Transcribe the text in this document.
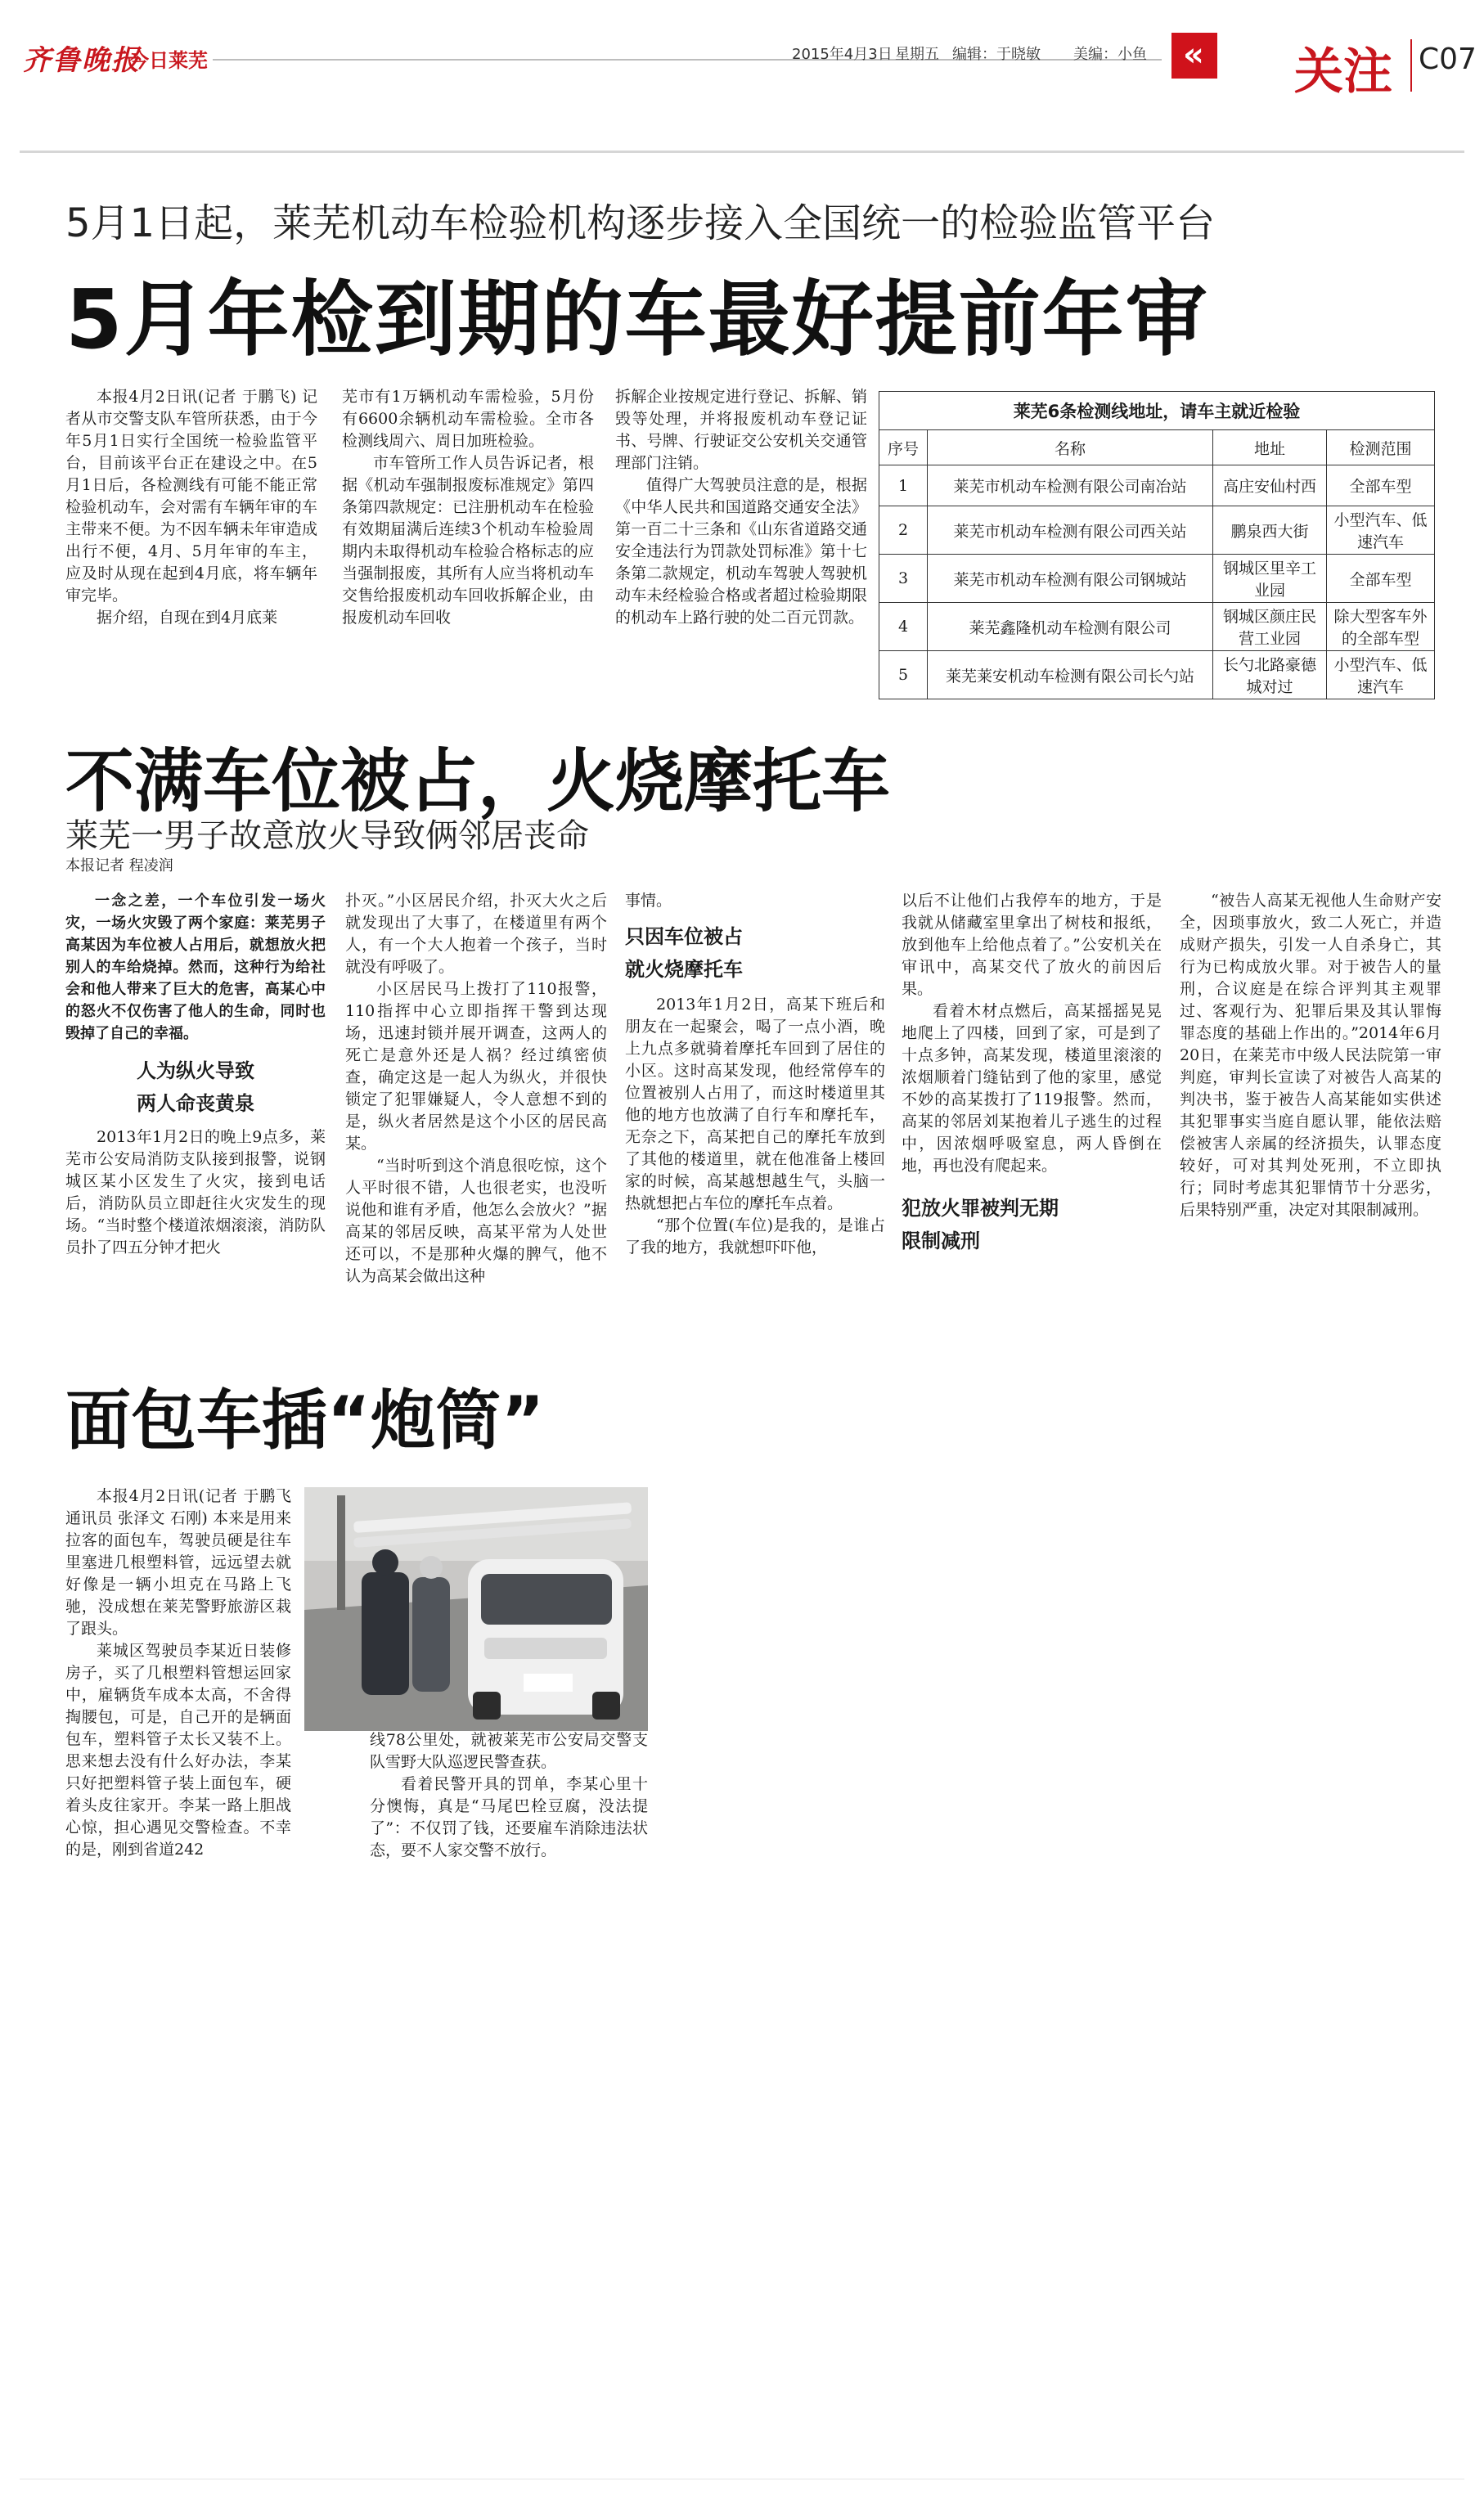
齐鲁晚报
今日莱芜	2015年4月3日 星期五 编辑：于晓敏 美编：小鱼 « 关注 C07
5月1日起，莱芜机动车检验机构逐步接入全国统一的检验监管平台
5月年检到期的车最好提前年审

本报4月2日讯(记者 于鹏飞) 记者从市交警支队车管所获悉，由于今年5月1日实行全国统一检验监管平台，目前该平台正在建设之中。在5月1日后，各检测线有可能不能正常检验机动车，会对需有车辆年审的车主带来不便。为不因车辆未年审造成出行不便，4月、5月年审的车主，应及时从现在起到4月底，将车辆年审完毕。

据介绍，自现在到4月底莱

芜市有1万辆机动车需检验，5月份有6600余辆机动车需检验。全市各检测线周六、周日加班检验。

市车管所工作人员告诉记者，根据《机动车强制报废标准规定》第四条第四款规定：已注册机动车在检验有效期届满后连续3个机动车检验周期内未取得机动车检验合格标志的应当强制报废，其所有人应当将机动车交售给报废机动车回收拆解企业，由报废机动车回收

拆解企业按规定进行登记、拆解、销毁等处理，并将报废机动车登记证书、号牌、行驶证交公安机关交通管理部门注销。

值得广大驾驶员注意的是，根据《中华人民共和国道路交通安全法》第一百二十三条和《山东省道路交通安全违法行为罚款处罚标准》第十七条第二款规定，机动车驾驶人驾驶机动车未经检验合格或者超过检验期限的机动车上路行驶的处二百元罚款。

莱芜6条检测线地址，请车主就近检验
序号	名称	地址	检测范围
1	莱芜市机动车检测有限公司南冶站	高庄安仙村西	全部车型
2	莱芜市机动车检测有限公司西关站	鹏泉西大街	小型汽车、低速汽车
3	莱芜市机动车检测有限公司钢城站	钢城区里辛工业园	全部车型
4	莱芜鑫隆机动车检测有限公司	钢城区颜庄民营工业园	除大型客车外的全部车型
5	莱芜莱安机动车检测有限公司长勺站	长勺北路豪德城对过	小型汽车、低速汽车
不满车位被占，火烧摩托车
莱芜一男子故意放火导致俩邻居丧命
本报记者 程凌润

一念之差，一个车位引发一场火灾，一场火灾毁了两个家庭：莱芜男子高某因为车位被人占用后，就想放火把别人的车给烧掉。然而，这种行为给社会和他人带来了巨大的危害，高某心中的怒火不仅伤害了他人的生命，同时也毁掉了自己的幸福。

人为纵火导致

两人命丧黄泉

2013年1月2日的晚上9点多，莱芜市公安局消防支队接到报警，说钢城区某小区发生了火灾，接到电话后，消防队员立即赶往火灾发生的现场。“当时整个楼道浓烟滚滚，消防队员扑了四五分钟才把火

扑灭。”小区居民介绍，扑灭大火之后就发现出了大事了，在楼道里有两个人，有一个大人抱着一个孩子，当时就没有呼吸了。

小区居民马上拨打了110报警，110指挥中心立即指挥干警到达现场，迅速封锁并展开调查，这两人的死亡是意外还是人祸？经过缜密侦查，确定这是一起人为纵火，并很快锁定了犯罪嫌疑人，令人意想不到的是，纵火者居然是这个小区的居民高某。

“当时听到这个消息很吃惊，这个人平时很不错，人也很老实，也没听说他和谁有矛盾，他怎么会放火？”据高某的邻居反映，高某平常为人处世还可以，不是那种火爆的脾气，他不认为高某会做出这种

事情。

只因车位被占

就火烧摩托车

2013年1月2日，高某下班后和朋友在一起聚会，喝了一点小酒，晚上九点多就骑着摩托车回到了居住的小区。这时高某发现，他经常停车的位置被别人占用了，而这时楼道里其他的地方也放满了自行车和摩托车，无奈之下，高某把自己的摩托车放到了其他的楼道里，就在他准备上楼回家的时候，高某越想越生气，头脑一热就想把占车位的摩托车点着。

“那个位置(车位)是我的，是谁占了我的地方，我就想吓吓他，

以后不让他们占我停车的地方，于是我就从储藏室里拿出了树枝和报纸，放到他车上给他点着了。”公安机关在审讯中，高某交代了放火的前因后果。

看着木材点燃后，高某摇摇晃晃地爬上了四楼，回到了家，可是到了十点多钟，高某发现，楼道里滚滚的浓烟顺着门缝钻到了他的家里，感觉不妙的高某拨打了119报警。然而，高某的邻居刘某抱着儿子逃生的过程中，因浓烟呼吸窒息，两人昏倒在地，再也没有爬起来。

犯放火罪被判无期

限制减刑

“被告人高某无视他人生命财产安全，因琐事放火，致二人死亡，并造成财产损失，引发一人自杀身亡，其行为已构成放火罪。对于被告人的量刑，合议庭是在综合评判其主观罪过、客观行为、犯罪后果及其认罪悔罪态度的基础上作出的。”2014年6月20日，在莱芜市中级人民法院第一审判庭，审判长宣读了对被告人高某的判决书，鉴于被告人高某能如实供述其犯罪事实当庭自愿认罪，能依法赔偿被害人亲属的经济损失，认罪态度较好，可对其判处死刑，不立即执行；同时考虑其犯罪情节十分恶劣，后果特别严重，决定对其限制减刑。

面包车插“炮筒”

本报4月2日讯(记者 于鹏飞 通讯员 张泽文 石刚) 本来是用来拉客的面包车，驾驶员硬是往车里塞进几根塑料管，远远望去就好像是一辆小坦克在马路上飞驰，没成想在莱芜警野旅游区栽了跟头。

莱城区驾驶员李某近日装修房子，买了几根塑料管想运回家中，雇辆货车成本太高，不舍得掏腰包，可是，自己开的是辆面包车，塑料管子太长又装不上。思来想去没有什么好办法，李某只好把塑料管子装上面包车，硬着头皮往家开。李某一路上胆战心惊，担心遇见交警检查。不幸的是，刚到省道242

线78公里处，就被莱芜市公安局交警支队雪野大队巡逻民警查获。

看着民警开具的罚单，李某心里十分懊悔，真是“马尾巴栓豆腐，没法提了”：不仅罚了钱，还要雇车消除违法状态，要不人家交警不放行。
